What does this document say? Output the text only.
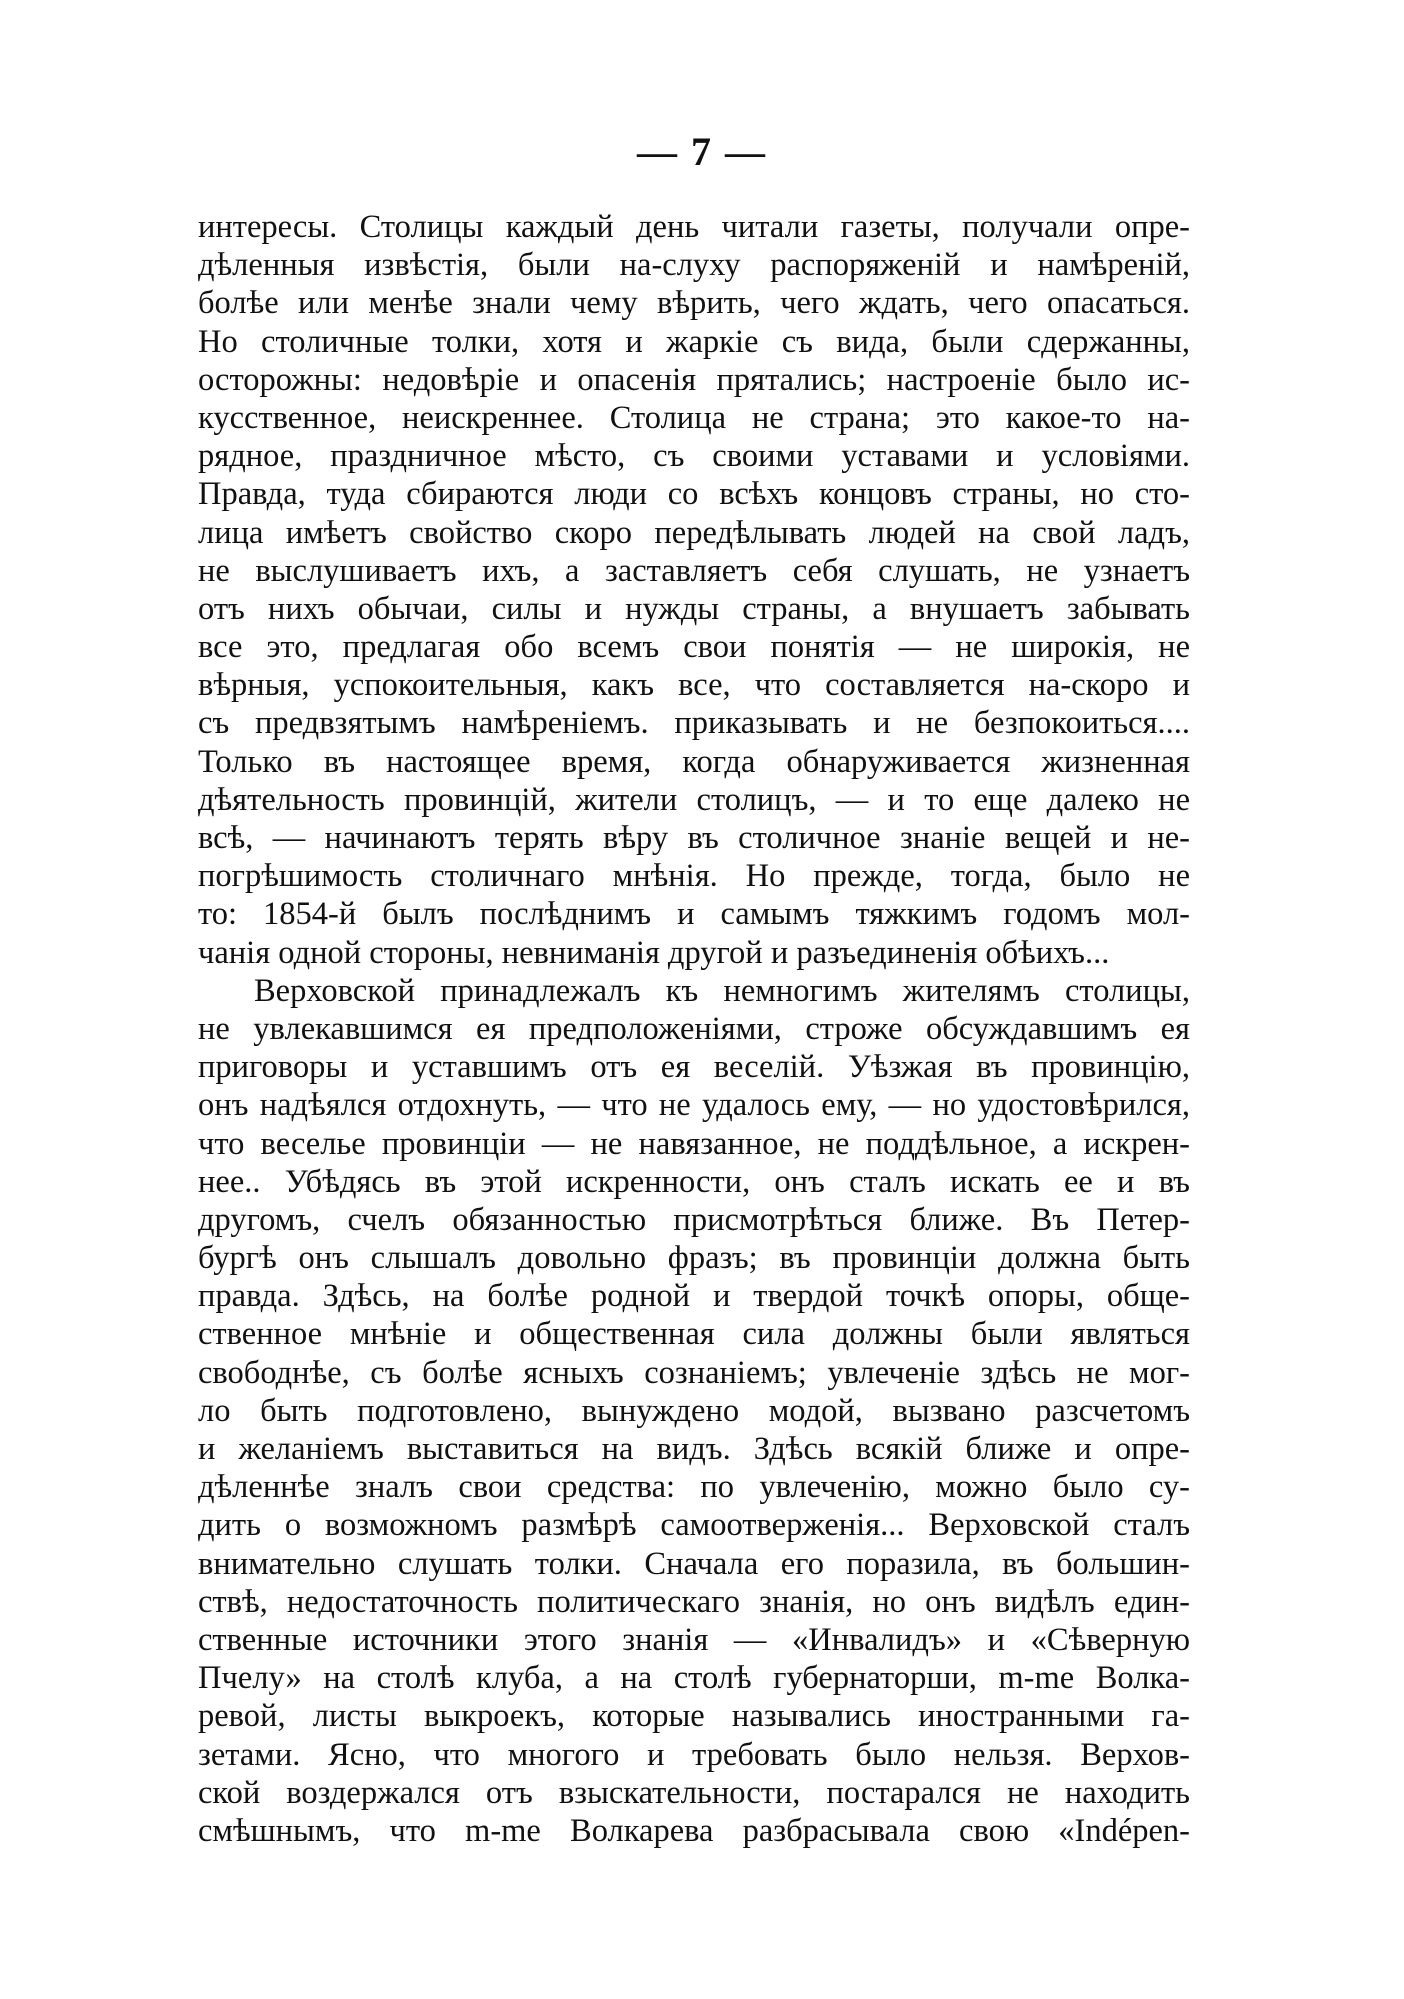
— 7 —
интересы. Столицы каждый день читали газеты, получали опре-
дѣленныя извѣстія, были на-слуху распоряженій и намѣреній,
болѣе или менѣе знали чему вѣрить, чего ждать, чего опасаться.
Но столичные толки, хотя и жаркіе съ вида, были сдержанны,
осторожны: недовѣріе и опасенія прятались; настроеніе было ис-
кусственное, неискреннее. Столица не страна; это какое-то на-
рядное, праздничное мѣсто, съ своими уставами и условіями.
Правда, туда сбираются люди со всѣхъ концовъ страны, но сто-
лица имѣетъ свойство скоро передѣлывать людей на свой ладъ,
не выслушиваетъ ихъ, а заставляетъ себя слушать, не узнаетъ
отъ нихъ обычаи, силы и нужды страны, а внушаетъ забывать
все это, предлагая обо всемъ свои понятія — не широкія, не
вѣрныя, успокоительныя, какъ все, что составляется на-скоро и
съ предвзятымъ намѣреніемъ. приказывать и не безпокоиться....
Только въ настоящее время, когда обнаруживается жизненная
дѣятельность провинцій, жители столицъ, — и то еще далеко не
всѣ, — начинаютъ терять вѣру въ столичное знаніе вещей и не-
погрѣшимость столичнаго мнѣнія. Но прежде, тогда, было не
то: 1854-й былъ послѣднимъ и самымъ тяжкимъ годомъ мол-
чанія одной стороны, невниманія другой и разъединенія обѣихъ...
Верховской принадлежалъ къ немногимъ жителямъ столицы,
не увлекавшимся ея предположеніями, строже обсуждавшимъ ея
приговоры и уставшимъ отъ ея веселій. Уѣзжая въ провинцію,
онъ надѣялся отдохнуть, — что не удалось ему, — но удостовѣрился,
что веселье провинціи — не навязанное, не поддѣльное, а искрен-
нее.. Убѣдясь въ этой искренности, онъ сталъ искать ее и въ
другомъ, счелъ обязанностью присмотрѣться ближе. Въ Петер-
бургѣ онъ слышалъ довольно фразъ; въ провинціи должна быть
правда. Здѣсь, на болѣе родной и твердой точкѣ опоры, обще-
ственное мнѣніе и общественная сила должны были являться
свободнѣе, съ болѣе ясныхъ сознаніемъ; увлеченіе здѣсь не мог-
ло быть подготовлено, вынуждено модой, вызвано разсчетомъ
и желаніемъ выставиться на видъ. Здѣсь всякій ближе и опре-
дѣленнѣе зналъ свои средства: по увлеченію, можно было су-
дить о возможномъ размѣрѣ самоотверженія... Верховской сталъ
внимательно слушать толки. Сначала его поразила, въ большин-
ствѣ, недостаточность политическаго знанія, но онъ видѣлъ един-
ственные источники этого знанія — «Инвалидъ» и «Сѣверную
Пчелу» на столѣ клуба, а на столѣ губернаторши, m-me Волка-
ревой, листы выкроекъ, которые назывались иностранными га-
зетами. Ясно, что многого и требовать было нельзя. Верхов-
ской воздержался отъ взыскательности, постарался не находить
смѣшнымъ, что m-me Волкарева разбрасывала свою «Indépen-
